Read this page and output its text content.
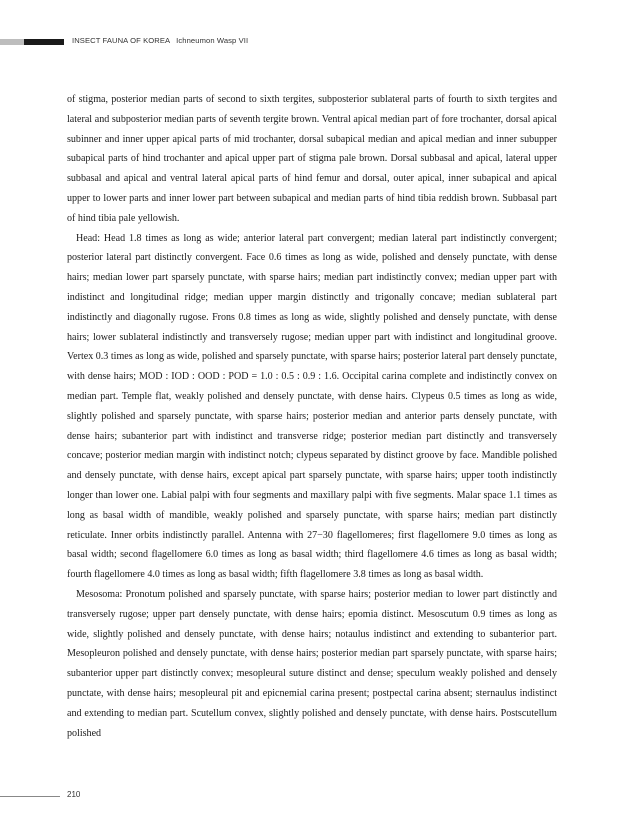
INSECT FAUNA OF KOREA Ichneumon Wasp VII

of stigma, posterior median parts of second to sixth tergites, subposterior sublateral parts of fourth to sixth tergites and lateral and subposterior median parts of seventh tergite brown. Ventral apical median part of fore trochanter, dorsal apical subinner and inner upper apical parts of mid trochanter, dorsal subapical median and apical median and inner subupper subapical parts of hind trochanter and apical upper part of stigma pale brown. Dorsal subbasal and apical, lateral upper subbasal and apical and ventral lateral apical parts of hind femur and dorsal, outer apical, inner subapical and apical upper to lower parts and inner lower part between subapical and median parts of hind tibia reddish brown. Subbasal part of hind tibia pale yellowish.

Head: Head 1.8 times as long as wide; anterior lateral part convergent; median lateral part indistinctly convergent; posterior lateral part distinctly convergent. Face 0.6 times as long as wide, polished and densely punctate, with dense hairs; median lower part sparsely punctate, with sparse hairs; median part indistinctly convex; median upper part with indistinct and longitudinal ridge; median upper margin distinctly and trigonally concave; median sublateral part indistinctly and diagonally rugose. Frons 0.8 times as long as wide, slightly polished and densely punctate, with dense hairs; lower sublateral indistinctly and transversely rugose; median upper part with indistinct and longitudinal groove. Vertex 0.3 times as long as wide, polished and sparsely punctate, with sparse hairs; posterior lateral part densely punctate, with dense hairs; MOD : IOD : OOD : POD = 1.0 : 0.5 : 0.9 : 1.6. Occipital carina complete and indistinctly convex on median part. Temple flat, weakly polished and densely punctate, with dense hairs. Clypeus 0.5 times as long as wide, slightly polished and sparsely punctate, with sparse hairs; posterior median and anterior parts densely punctate, with dense hairs; subanterior part with indistinct and transverse ridge; posterior median part distinctly and transversely concave; posterior median margin with indistinct notch; clypeus separated by distinct groove by face. Mandible polished and densely punctate, with dense hairs, except apical part sparsely punctate, with sparse hairs; upper tooth indistinctly longer than lower one. Labial palpi with four segments and maxillary palpi with five segments. Malar space 1.1 times as long as basal width of mandible, weakly polished and sparsely punctate, with sparse hairs; median part distinctly reticulate. Inner orbits indistinctly parallel. Antenna with 27−30 flagellomeres; first flagellomere 9.0 times as long as basal width; second flagellomere 6.0 times as long as basal width; third flagellomere 4.6 times as long as basal width; fourth flagellomere 4.0 times as long as basal width; fifth flagellomere 3.8 times as long as basal width.

Mesosoma: Pronotum polished and sparsely punctate, with sparse hairs; posterior median to lower part distinctly and transversely rugose; upper part densely punctate, with dense hairs; epomia distinct. Mesoscutum 0.9 times as long as wide, slightly polished and densely punctate, with dense hairs; notaulus indistinct and extending to subanterior part. Mesopleuron polished and densely punctate, with dense hairs; posterior median part sparsely punctate, with sparse hairs; subanterior upper part distinctly convex; mesopleural suture distinct and dense; speculum weakly polished and densely punctate, with dense hairs; mesopleural pit and epicnemial carina present; postpectal carina absent; sternaulus indistinct and extending to median part. Scutellum convex, slightly polished and densely punctate, with dense hairs. Postscutellum polished

210
